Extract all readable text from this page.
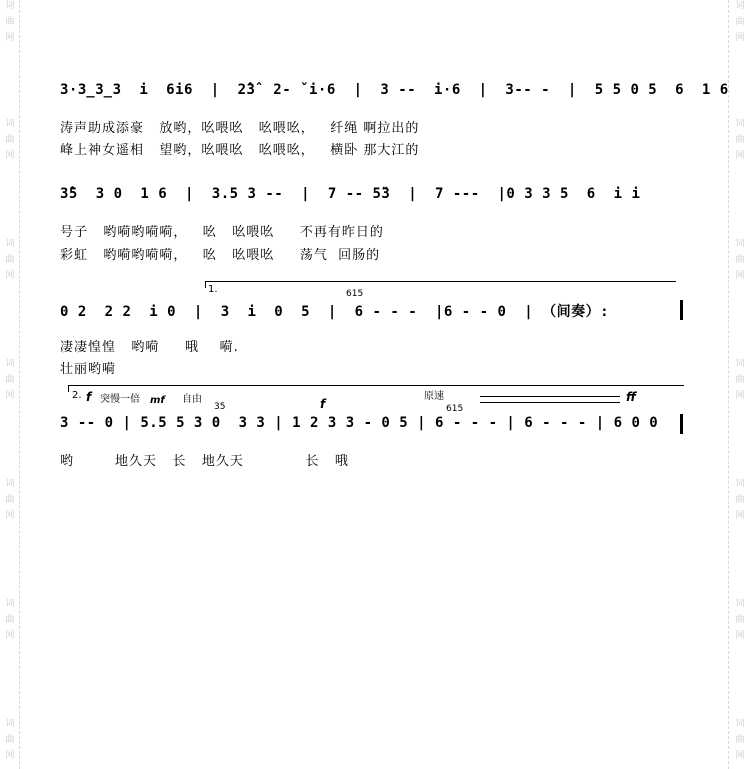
词
曲
网
词
曲
网
词
曲
网
词
曲
网
词
曲
网
词
曲
网
词
曲
网
词
曲
网
词
曲
网
词
曲
网
词
曲
网
词
曲
网
词
曲
网
词
曲
网
3·3̲3̲3  i  6i6  |  2̂3̂  2- ˇi·6  |  3 --  i·6  |  3-- -  |  5 5 0 5  6  1 6
涛声助成添豪   放哟，吆喂吆   吆喂吆，   纤绳 啊拉出的
峰上神女遥相   望哟，吆喂吆   吆喂吆，   横卧 那大江的
3̂5  3 0  1 6  |  3.5 3 --  |  7 -- 5̈3  |  7 ---  |0 3 3 5  6  i i
号子   哟嗬哟嗬嗬，   吆   吆喂吆     不再有昨日的
彩虹   哟嗬哟嗬嗬，   吆   吆喂吆     荡气  回肠的
1.	615
0 2  2 2  i 0  |  3  i  0  5  |  6 - - -  |6 - - 0  | （间奏）:
凄凄惶惶   哟嗬     哦    嗬.
壮丽哟嗬
2. f 突慢一倍 mf 自由
35	f
原速
615
ff
3 -- 0 | 5.5 5 3 0  3 3 | 1 2 3 3 - 0 5 | 6 - - - | 6 - - - | 6 0 0
哟        地久天   长   地久天            长   哦
